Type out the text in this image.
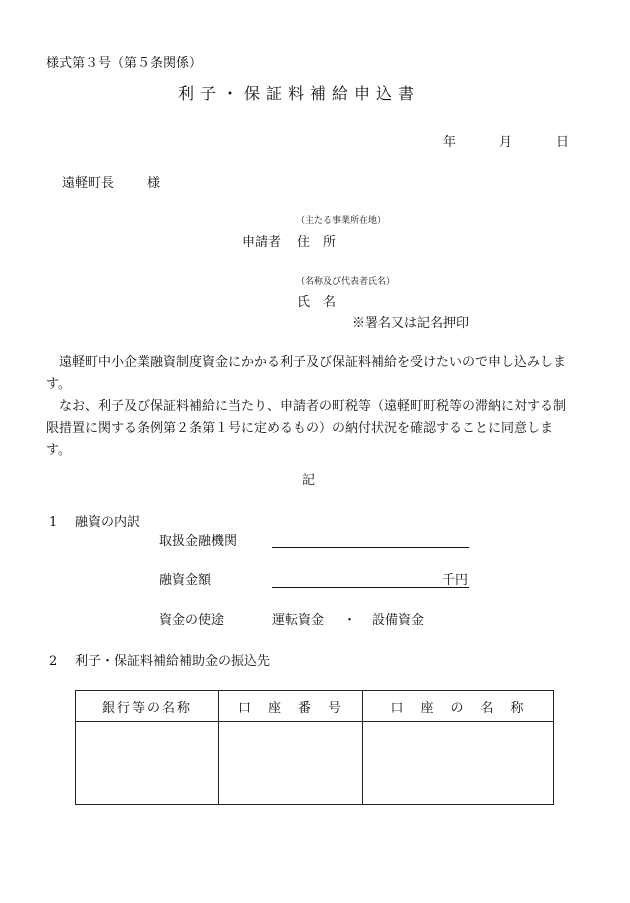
様式第３号（第５条関係）
利子・保証料補給申込書
年	月	日
遠軽町長	様
（主たる事業所在地）
申請者 住　所
（名称及び代表者氏名）
氏　名
※署名又は記名押印

遠軽町中小企業融資制度資金にかかる利子及び保証料補給を受けたいので申し込みします。

なお、利子及び保証料補給に当たり、申請者の町税等（遠軽町町税等の滞納に対する制限措置に関する条例第２条第１号に定めるもの）の納付状況を確認することに同意します。

記
1 融資の内訳
取扱金融機関
融資金額	千円
資金の使途	運転資金 ・ 設備資金
2 利子・保証料補給補助金の振込先
銀行等の名称	口　座　番　号	口　座　の　名　称
